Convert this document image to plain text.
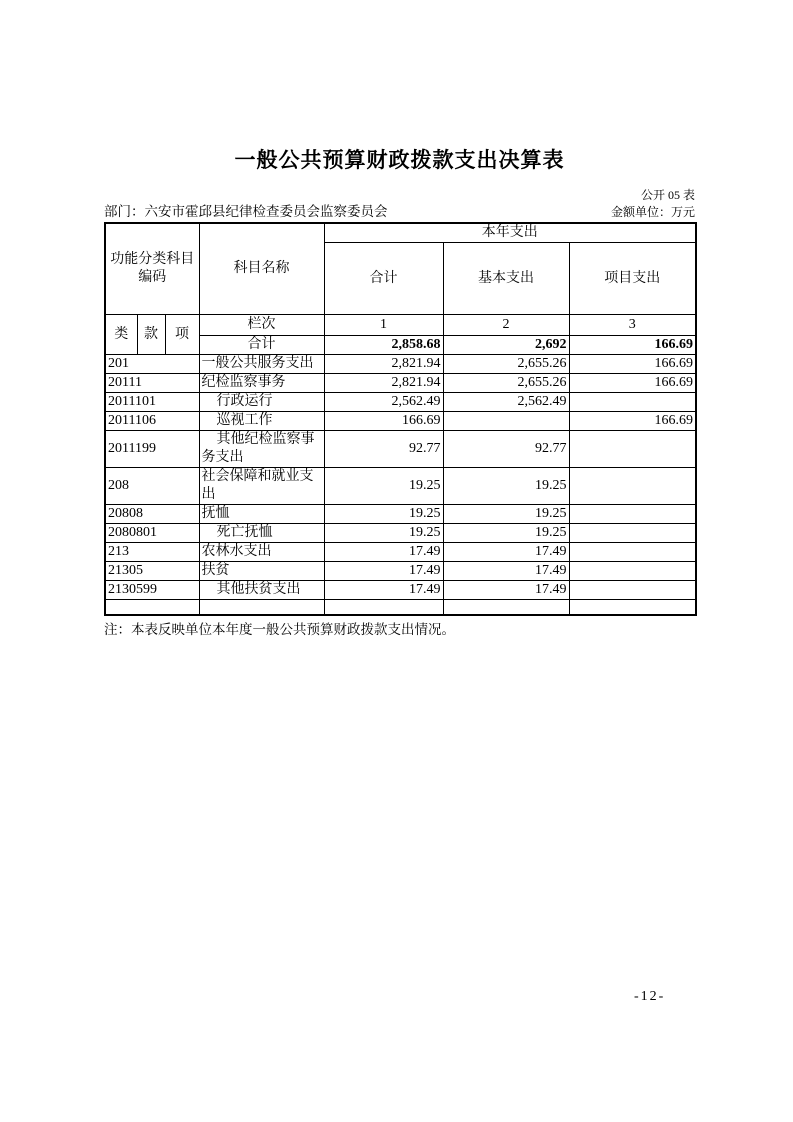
一般公共预算财政拨款支出决算表
公开 05 表
部门：六安市霍邱县纪律检查委员会监察委员会	金额单位：万元
功能分类科目编码			科目名称	本年支出		
				合计	基本支出	项目支出
类	款	项	栏次	1	2	3
			合计	2,858.68	2,692	166.69
201			一般公共服务支出	2,821.94	2,655.26	166.69
20111			纪检监察事务	2,821.94	2,655.26	166.69
2011101			行政运行	2,562.49	2,562.49	
2011106			巡视工作	166.69		166.69
2011199			其他纪检监察事务支出	92.77	92.77	
208			社会保障和就业支出	19.25	19.25	
20808			抚恤	19.25	19.25	
2080801			死亡抚恤	19.25	19.25	
213			农林水支出	17.49	17.49	
21305			扶贫	17.49	17.49	
2130599			其他扶贫支出	17.49	17.49	

注：本表反映单位本年度一般公共预算财政拨款支出情况。
-12-
